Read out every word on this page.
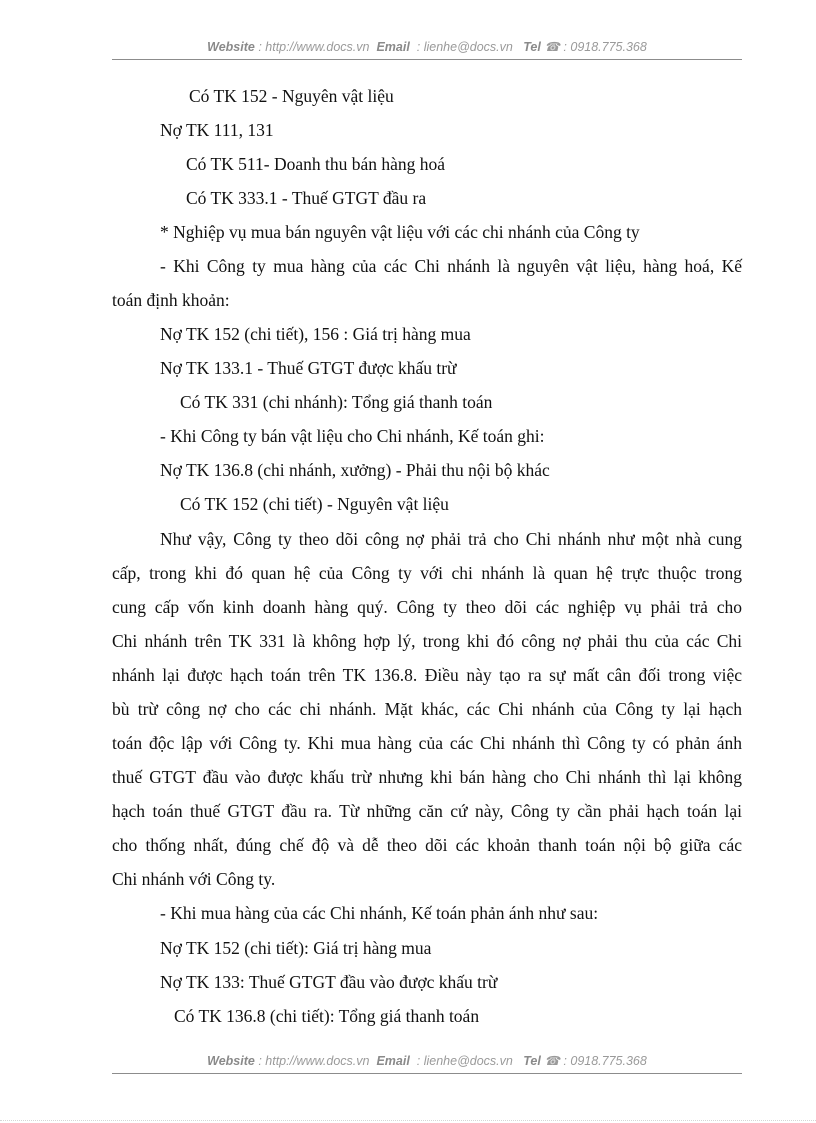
Website : http://www.docs.vn Email : lienhe@docs.vn Tel ☎ : 0918.775.368
Có TK 152 - Nguyên vật liệu
Nợ TK 111, 131
Có TK 511- Doanh thu bán hàng hoá
Có TK 333.1 - Thuế GTGT đầu ra
* Nghiệp vụ mua bán nguyên vật liệu với các chi nhánh của Công ty
- Khi Công ty mua hàng của các Chi nhánh là nguyên vật liệu, hàng hoá, Kế
toán định khoản:
Nợ TK 152 (chi tiết), 156 : Giá trị hàng mua
Nợ TK 133.1 - Thuế GTGT được khấu trừ
Có TK 331 (chi nhánh): Tổng giá thanh toán
- Khi Công ty bán vật liệu cho Chi nhánh, Kế toán ghi:
Nợ TK 136.8 (chi nhánh, xưởng) - Phải thu nội bộ khác
Có TK 152 (chi tiết) - Nguyên vật liệu
Như vậy, Công ty theo dõi công nợ phải trả cho Chi nhánh như một nhà cung
cấp, trong khi đó quan hệ của Công ty với chi nhánh là quan hệ trực thuộc trong
cung cấp vốn kinh doanh hàng quý. Công ty theo dõi các nghiệp vụ phải trả cho
Chi nhánh trên TK 331 là không hợp lý, trong khi đó công nợ phải thu của các Chi
nhánh lại được hạch toán trên TK 136.8. Điều này tạo ra sự mất cân đối trong việc
bù trừ công nợ cho các chi nhánh. Mặt khác, các Chi nhánh của Công ty lại hạch
toán độc lập với Công ty. Khi mua hàng của các Chi nhánh thì Công ty có phản ánh
thuế GTGT đầu vào được khấu trừ nhưng khi bán hàng cho Chi nhánh thì lại không
hạch toán thuế GTGT đầu ra. Từ những căn cứ này, Công ty cần phải hạch toán lại
cho thống nhất, đúng chế độ và dễ theo dõi các khoản thanh toán nội bộ giữa các
Chi nhánh với Công ty.
- Khi mua hàng của các Chi nhánh, Kế toán phản ánh như sau:
Nợ TK 152 (chi tiết): Giá trị hàng mua
Nợ TK 133: Thuế GTGT đầu vào được khấu trừ
Có TK 136.8 (chi tiết): Tổng giá thanh toán
Website : http://www.docs.vn Email : lienhe@docs.vn Tel ☎ : 0918.775.368
